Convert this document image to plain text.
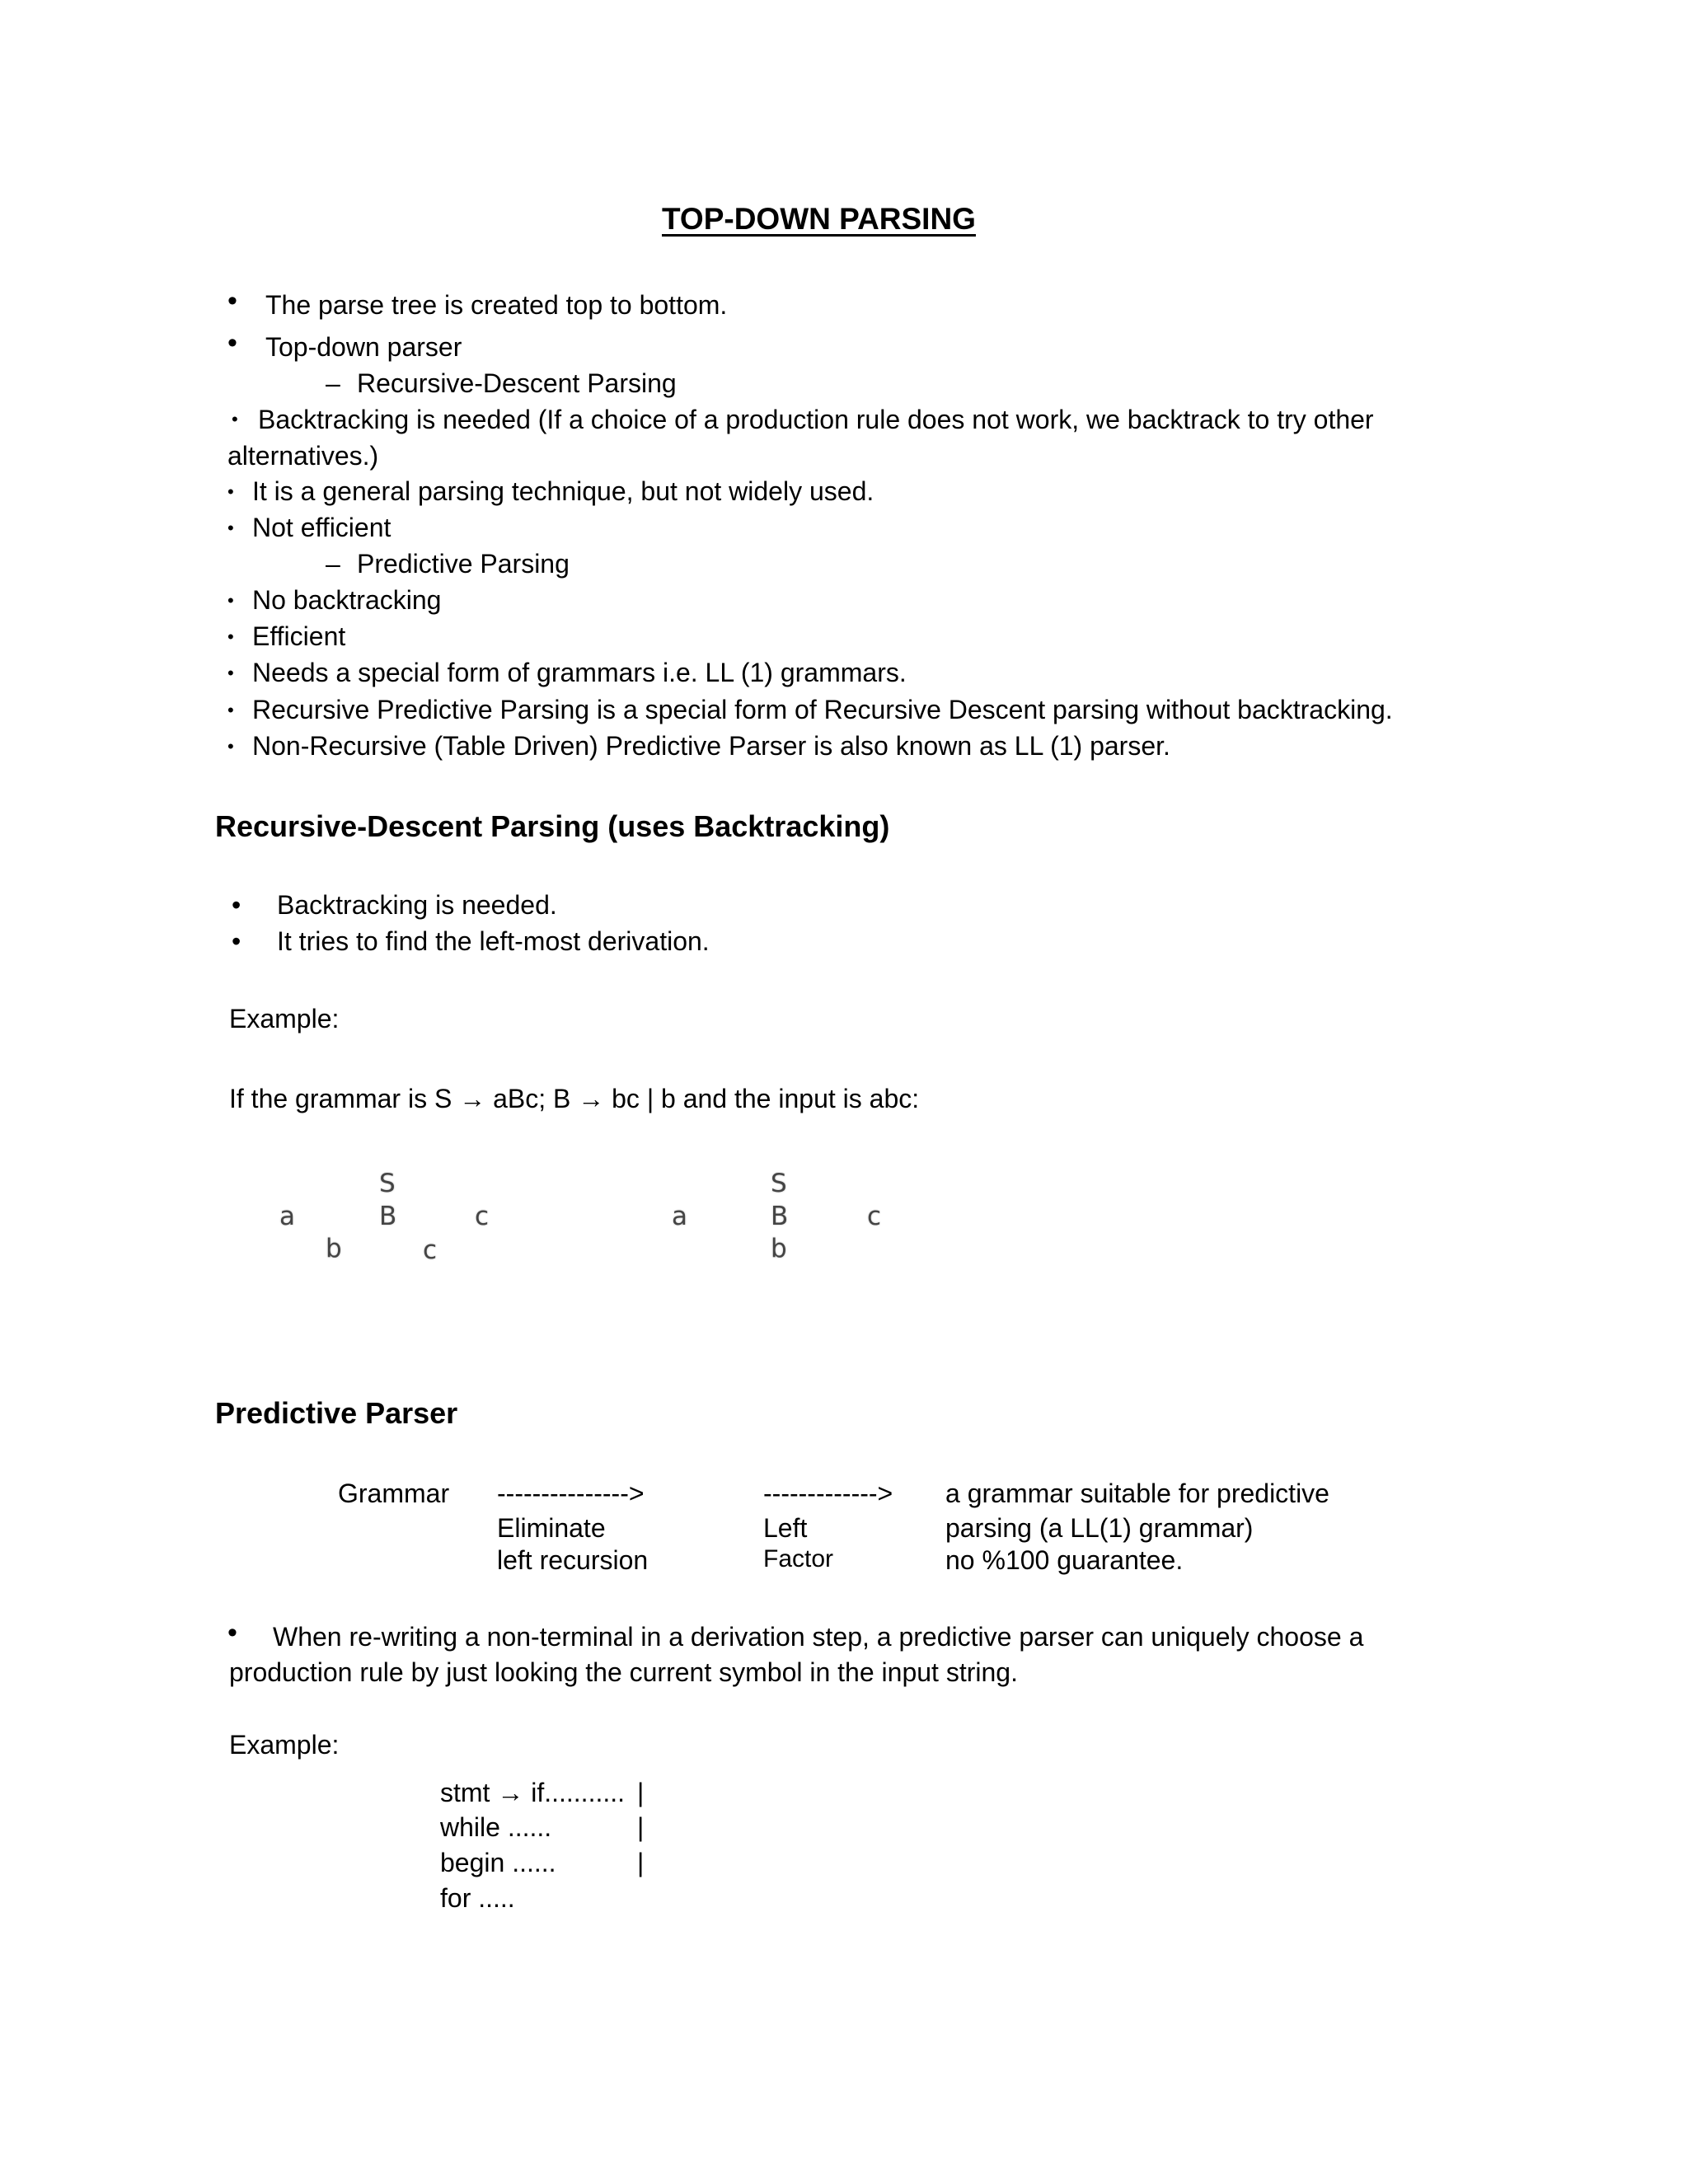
TOP-DOWN PARSING
• The parse tree is created top to bottom.
• Top-down parser
– Recursive-Descent Parsing
• Backtracking is needed (If a choice of a production rule does not work, we backtrack to try other
alternatives.)
• It is a general parsing technique, but not widely used.
• Not efficient
– Predictive Parsing
• No backtracking
• Efficient
• Needs a special form of grammars i.e. LL (1) grammars.
• Recursive Predictive Parsing is a special form of Recursive Descent parsing without backtracking.
• Non-Recursive (Table Driven) Predictive Parser is also known as LL (1) parser.
Recursive-Descent Parsing (uses Backtracking)
• Backtracking is needed.
• It tries to find the left-most derivation.
Example:
If the grammar is S → aBc; B → bc | b and the input is abc:
S
a	B	c
b	c
S
a	B	c
b
Predictive Parser
Grammar --------------->	-------------> a grammar suitable for predictive
Eliminate	Left	parsing (a LL(1) grammar)
left recursion	Factor	no %100 guarantee.
• When re-writing a non-terminal in a derivation step, a predictive parser can uniquely choose a
production rule by just looking the current symbol in the input string.
Example:
stmt → if........... |
while ......	|
begin ......	|
for .....
